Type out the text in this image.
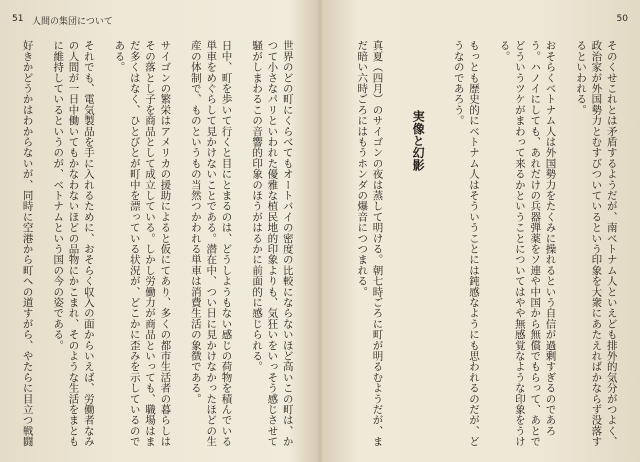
51 人間の集団について

世界のどの町にくらべてもオートバイの密度の比較にならないほど高いこの町は、かつて小さなパリといわれた優雅な植民地的印象よりも、気狂いをいっそう感じさせて騒がしまわるこの音響的印象のほうがはるかに前面的に感じられる。

日中、町を歩いて行くと目にとまるのは、どうしようもない感じの荷物を積んでいる単車をめぐらして見かけないことである。潜在中、つい日に見かけなかったほどの生産の体制で、ものというもの当然つかわれる単車は消費生活の象徴である。

サイゴンの繁栄はアメリカの援助によると仮にてあり、多くの都市生活者の暮らしはその落とし子を商品として成立している。しかし労働力が商品といっても、職場はまだ多くはなく、ひとびとが町中を漂っている状況が、どこかに歪みを示しているのである。

それでも、電気製品を手に入れるために、おそらく収入の面からいえば、労働者なみの人間が一日中働いてもかなわないほどの品物にかこまれ、そのような生活をまともに維持しているというのが、ベトナムという国の今の姿である。

好きかどうかはわからないが、同時に空港から町への道すがら、やたらに目立つ戦闘

50

そのくせこれとは矛盾するようだが、南ベトナム人といえども排外的気分がつよく、政治家が外国勢力とむすびついているという印象を大衆にあたえればかならず没落するといわれる。

おそらくベトナム人は外国勢力をたくみに操れるという自信が過剰すぎるのであろう。ハノイにしても、あれだけの兵器弾薬をソ連や中国から無償でもらって、あとでどういうツケがまわって来るかということについてはやや無感覚なような印象をうける。

もっとも歴史的にベトナム人はそういうことには鈍感なようにも思われるのだが、どうなのであろう。

実像と幻影

真夏（四月）のサイゴンの夜は蒸して明ける。朝七時ごろに町が明るむようだが、まだ暗い六時ごろにはもうホンダの爆音につつまれる。
